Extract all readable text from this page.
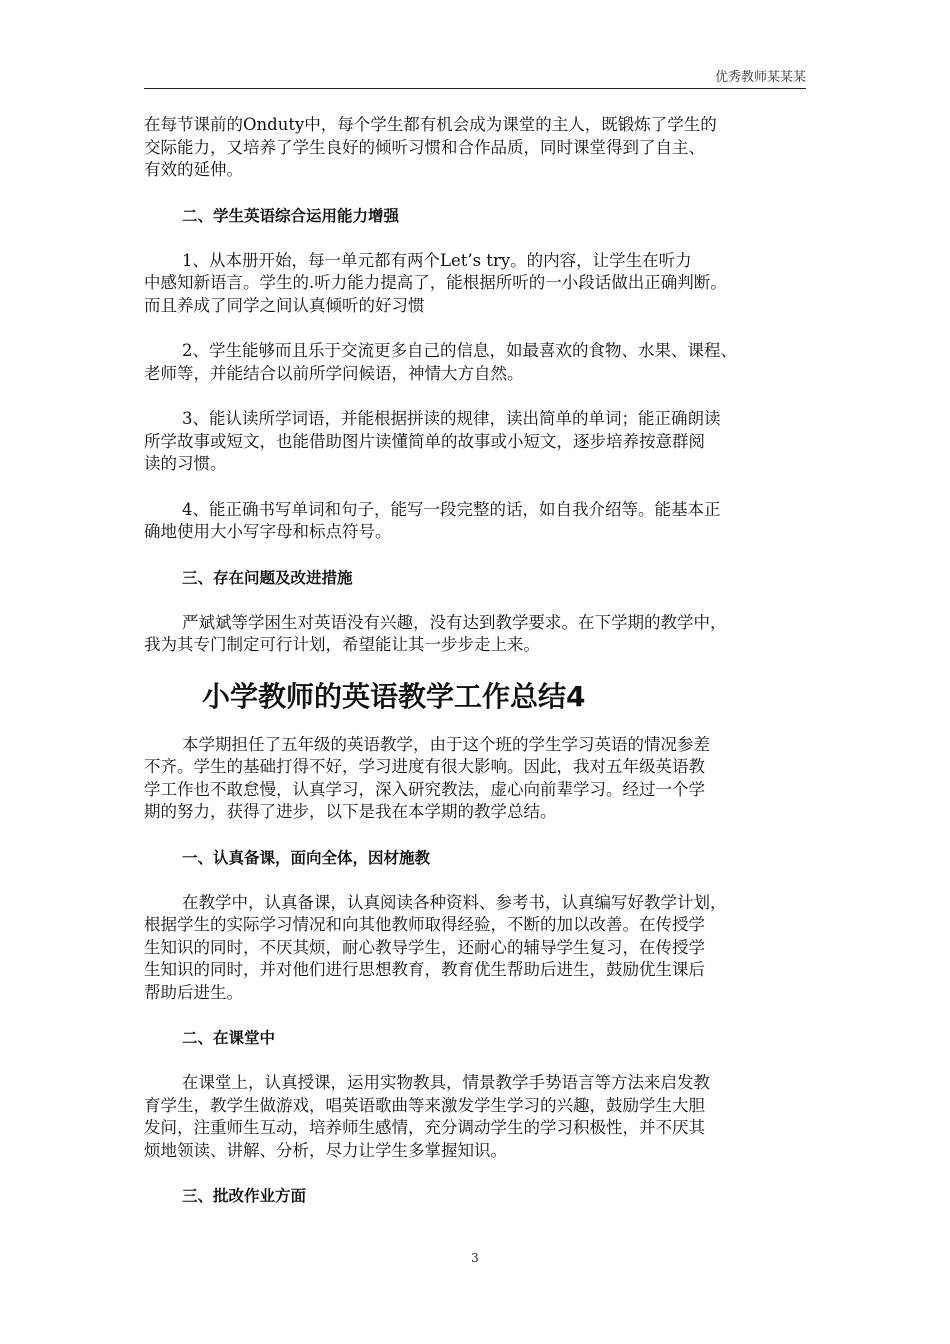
优秀教师某某某

在每节课前的Onduty中，每个学生都有机会成为课堂的主人，既锻炼了学生的

交际能力，又培养了学生良好的倾听习惯和合作品质，同时课堂得到了自主、

有效的延伸。

二、学生英语综合运用能力增强

1、从本册开始，每一单元都有两个Let’s try。的内容，让学生在听力

中感知新语言。学生的.听力能力提高了，能根据所听的一小段话做出正确判断。

而且养成了同学之间认真倾听的好习惯

2、学生能够而且乐于交流更多自己的信息，如最喜欢的食物、水果、课程、

老师等，并能结合以前所学问候语，神情大方自然。

3、能认读所学词语，并能根据拼读的规律，读出简单的单词；能正确朗读

所学故事或短文，也能借助图片读懂简单的故事或小短文，逐步培养按意群阅

读的习惯。

4、能正确书写单词和句子，能写一段完整的话，如自我介绍等。能基本正

确地使用大小写字母和标点符号。

三、存在问题及改进措施

严斌斌等学困生对英语没有兴趣，没有达到教学要求。在下学期的教学中，

我为其专门制定可行计划，希望能让其一步步走上来。

小学教师的英语教学工作总结4

本学期担任了五年级的英语教学，由于这个班的学生学习英语的情况参差

不齐。学生的基础打得不好，学习进度有很大影响。因此，我对五年级英语教

学工作也不敢怠慢，认真学习，深入研究教法，虚心向前辈学习。经过一个学

期的努力，获得了进步，以下是我在本学期的教学总结。

一、认真备课，面向全体，因材施教

在教学中，认真备课，认真阅读各种资料、参考书，认真编写好教学计划，

根据学生的实际学习情况和向其他教师取得经验，不断的加以改善。在传授学

生知识的同时，不厌其烦，耐心教导学生，还耐心的辅导学生复习，在传授学

生知识的同时，并对他们进行思想教育，教育优生帮助后进生，鼓励优生课后

帮助后进生。

二、在课堂中

在课堂上，认真授课，运用实物教具，情景教学手势语言等方法来启发教

育学生，教学生做游戏，唱英语歌曲等来激发学生学习的兴趣，鼓励学生大胆

发问，注重师生互动，培养师生感情，充分调动学生的学习积极性，并不厌其

烦地领读、讲解、分析，尽力让学生多掌握知识。

三、批改作业方面
3
